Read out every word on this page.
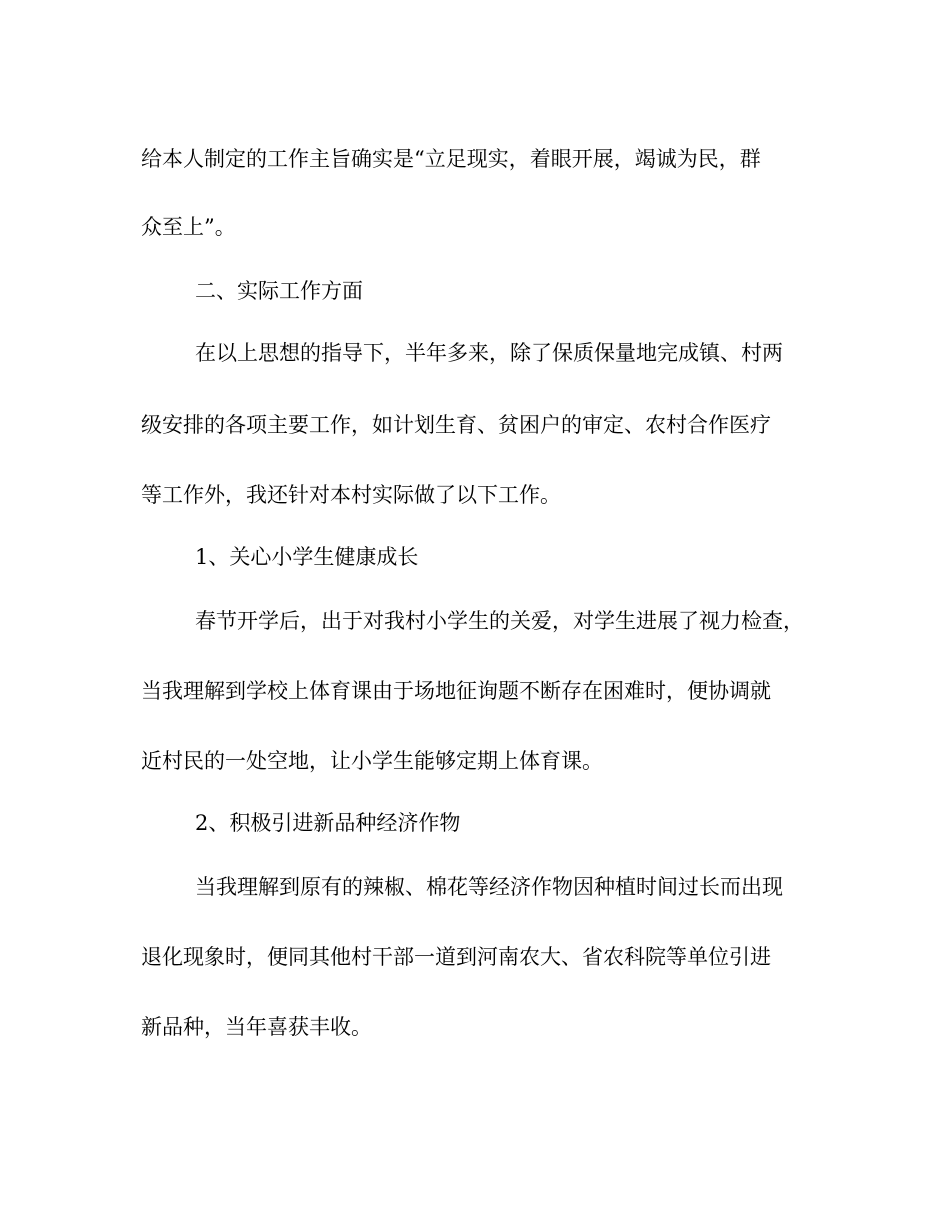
给本人制定的工作主旨确实是“立足现实，着眼开展，竭诚为民，群
众至上”。
二、实际工作方面
在以上思想的指导下，半年多来，除了保质保量地完成镇、村两
级安排的各项主要工作，如计划生育、贫困户的审定、农村合作医疗
等工作外，我还针对本村实际做了以下工作。
1、关心小学生健康成长
春节开学后，出于对我村小学生的关爱，对学生进展了视力检查，
当我理解到学校上体育课由于场地征询题不断存在困难时，便协调就
近村民的一处空地，让小学生能够定期上体育课。
2、积极引进新品种经济作物
当我理解到原有的辣椒、棉花等经济作物因种植时间过长而出现
退化现象时，便同其他村干部一道到河南农大、省农科院等单位引进
新品种，当年喜获丰收。
